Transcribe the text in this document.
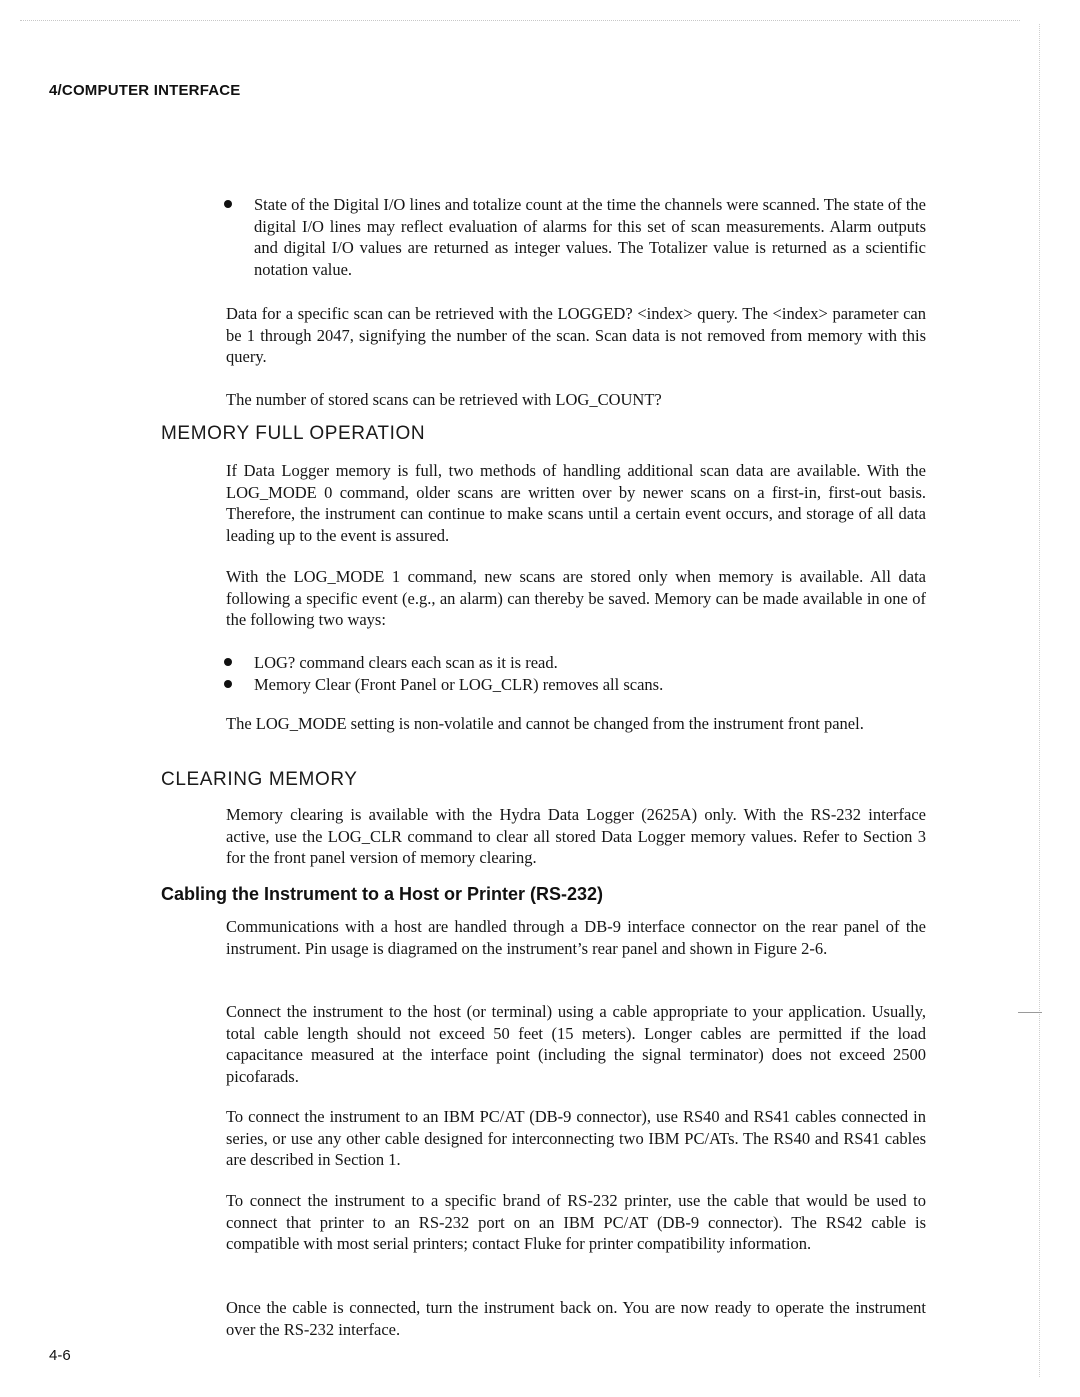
4/COMPUTER INTERFACE
State of the Digital I/O lines and totalize count at the time the channels were scanned. The state of the digital I/O lines may reflect evaluation of alarms for this set of scan measurements. Alarm outputs and digital I/O values are returned as integer values. The Totalizer value is returned as a scientific notation value.

Data for a specific scan can be retrieved with the LOGGED? <index> query. The <index> parameter can be 1 through 2047, signifying the number of the scan. Scan data is not removed from memory with this query.

The number of stored scans can be retrieved with LOG_COUNT?

MEMORY FULL OPERATION

If Data Logger memory is full, two methods of handling additional scan data are available. With the LOG_MODE 0 command, older scans are written over by newer scans on a first-in, first-out basis. Therefore, the instrument can continue to make scans until a certain event occurs, and storage of all data leading up to the event is assured.

With the LOG_MODE 1 command, new scans are stored only when memory is available. All data following a specific event (e.g., an alarm) can thereby be saved. Memory can be made available in one of the following two ways:

LOG? command clears each scan as it is read.
Memory Clear (Front Panel or LOG_CLR) removes all scans.

The LOG_MODE setting is non-volatile and cannot be changed from the instrument front panel.

CLEARING MEMORY

Memory clearing is available with the Hydra Data Logger (2625A) only. With the RS-232 interface active, use the LOG_CLR command to clear all stored Data Logger memory values. Refer to Section 3 for the front panel version of memory clearing.

Cabling the Instrument to a Host or Printer (RS-232)

Communications with a host are handled through a DB-9 interface connector on the rear panel of the instrument. Pin usage is diagramed on the instrument’s rear panel and shown in Figure 2-6.

Connect the instrument to the host (or terminal) using a cable appropriate to your application. Usually, total cable length should not exceed 50 feet (15 meters). Longer cables are permitted if the load capacitance measured at the interface point (including the signal terminator) does not exceed 2500 picofarads.

To connect the instrument to an IBM PC/AT (DB-9 connector), use RS40 and RS41 cables connected in series, or use any other cable designed for interconnecting two IBM PC/ATs. The RS40 and RS41 cables are described in Section 1.

To connect the instrument to a specific brand of RS-232 printer, use the cable that would be used to connect that printer to an RS-232 port on an IBM PC/AT (DB-9 connector). The RS42 cable is compatible with most serial printers; contact Fluke for printer compatibility information.

Once the cable is connected, turn the instrument back on. You are now ready to operate the instrument over the RS-232 interface.

4-6
